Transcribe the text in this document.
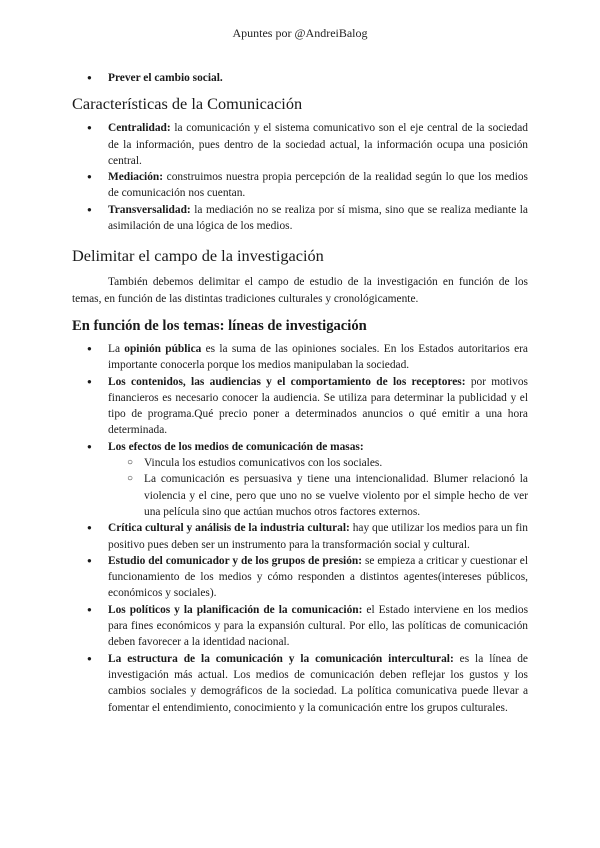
Apuntes por @AndreiBalog
● Prever el cambio social.
Características de la Comunicación
● Centralidad: la comunicación y el sistema comunicativo son el eje central de la sociedad de la información, pues dentro de la sociedad actual, la información ocupa una posición central.
● Mediación: construimos nuestra propia percepción de la realidad según lo que los medios de comunicación nos cuentan.
● Transversalidad: la mediación no se realiza por sí misma, sino que se realiza mediante la asimilación de una lógica de los medios.
Delimitar el campo de la investigación

También debemos delimitar el campo de estudio de la investigación en función de los temas, en función de las distintas tradiciones culturales y cronológicamente.

En función de los temas: líneas de investigación
● La opinión pública es la suma de las opiniones sociales. En los Estados autoritarios era importante conocerla porque los medios manipulaban la sociedad.
● Los contenidos, las audiencias y el comportamiento de los receptores: por motivos financieros es necesario conocer la audiencia. Se utiliza para determinar la publicidad y el tipo de programa.Qué precio poner a determinados anuncios o qué emitir a una hora determinada.
● Los efectos de los medios de comunicación de masas:
○ Vincula los estudios comunicativos con los sociales.
○ La comunicación es persuasiva y tiene una intencionalidad. Blumer relacionó la violencia y el cine, pero que uno no se vuelve violento por el simple hecho de ver una película sino que actúan muchos otros factores externos.
● Crítica cultural y análisis de la industria cultural: hay que utilizar los medios para un fin positivo pues deben ser un instrumento para la transformación social y cultural.
● Estudio del comunicador y de los grupos de presión: se empieza a criticar y cuestionar el funcionamiento de los medios y cómo responden a distintos agentes(intereses públicos, económicos y sociales).
● Los políticos y la planificación de la comunicación: el Estado interviene en los medios para fines económicos y para la expansión cultural. Por ello, las políticas de comunicación deben favorecer a la identidad nacional.
● La estructura de la comunicación y la comunicación intercultural: es la línea de investigación más actual. Los medios de comunicación deben reflejar los gustos y los cambios sociales y demográficos de la sociedad. La política comunicativa puede llevar a fomentar el entendimiento, conocimiento y la comunicación entre los grupos culturales.
